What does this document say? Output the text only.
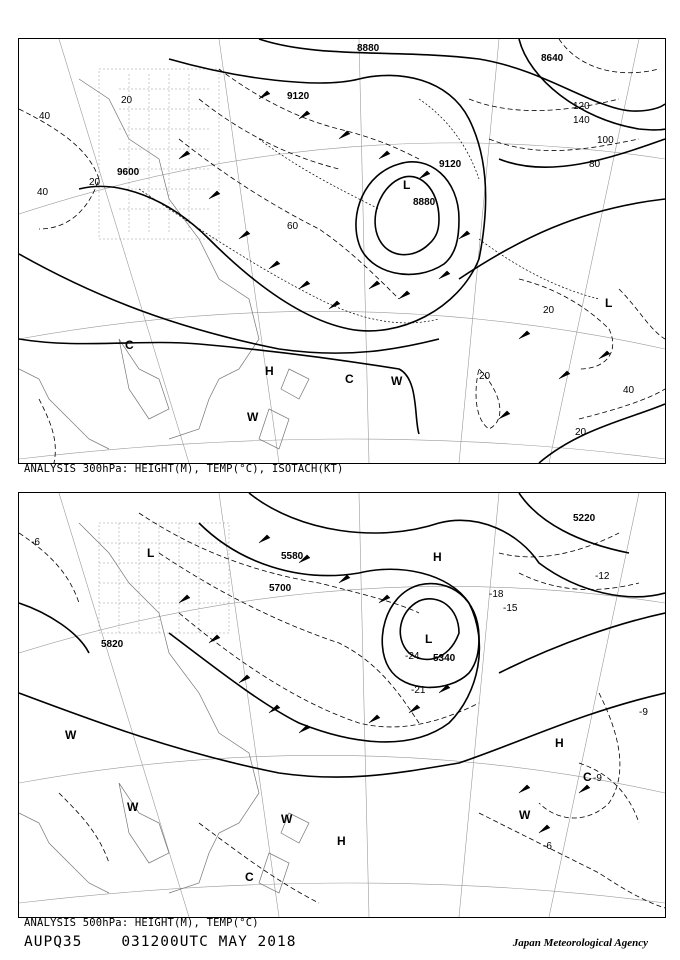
8880
9120
8640
9600
9120
8880
20
40
60
80
100
120
140
20
40
20
20
40
20
L
H
C
C	W
W
L
ANALYSIS 300hPa: HEIGHT(M), TEMP(°C), ISOTACH(KT)
5580
5700
5340
5220
5820
-6
-6
-9
-9
-12
-15
-18
-21
-24
L	H
L
H
W
W
W
H
C
C
W
ANALYSIS 500hPa: HEIGHT(M), TEMP(°C)
AUPQ35	031200UTC MAY 2018	Japan Meteorological Agency
